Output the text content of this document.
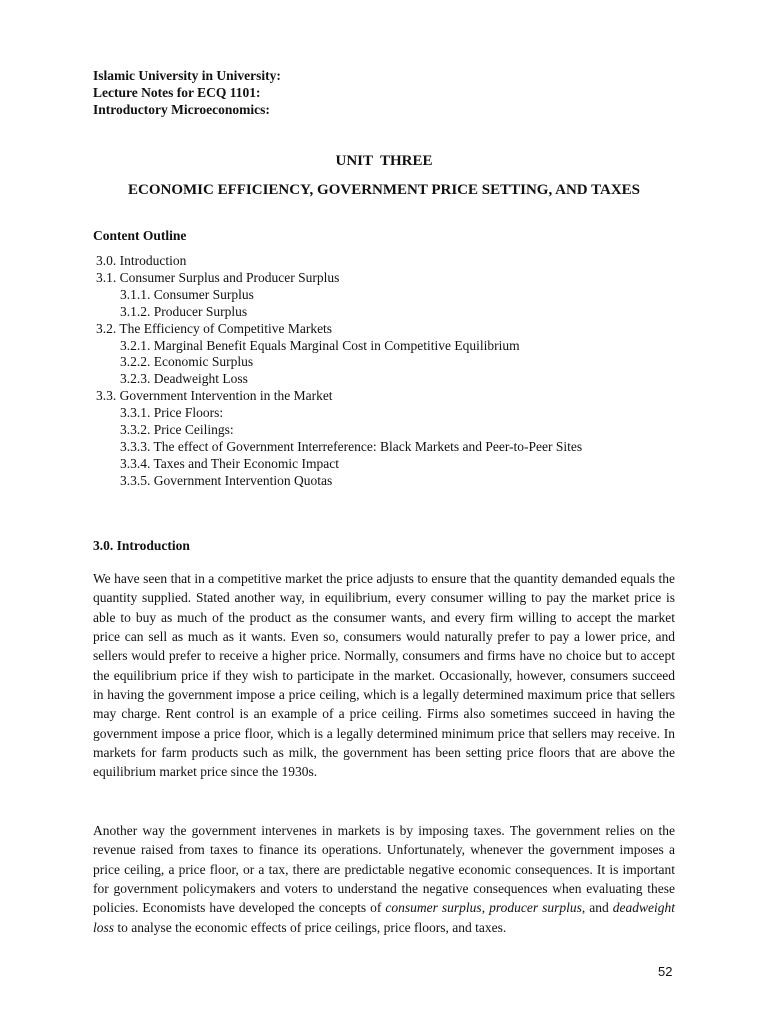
Islamic University in University:
Lecture Notes for ECQ 1101:
Introductory Microeconomics:
UNIT  THREE
ECONOMIC EFFICIENCY, GOVERNMENT PRICE SETTING, AND TAXES
Content Outline
3.0. Introduction
3.1. Consumer Surplus and Producer Surplus
3.1.1. Consumer Surplus
3.1.2. Producer Surplus
3.2. The Efficiency of Competitive Markets
3.2.1. Marginal Benefit Equals Marginal Cost in Competitive Equilibrium
3.2.2. Economic Surplus
3.2.3. Deadweight Loss
3.3. Government Intervention in the Market
3.3.1. Price Floors:
3.3.2. Price Ceilings:
3.3.3. The effect of Government Interreference: Black Markets and Peer-to-Peer Sites
3.3.4. Taxes and Their Economic Impact
3.3.5. Government Intervention Quotas
3.0. Introduction

We have seen that in a competitive market the price adjusts to ensure that the quantity demanded equals the quantity supplied. Stated another way, in equilibrium, every consumer willing to pay the market price is able to buy as much of the product as the consumer wants, and every firm willing to accept the market price can sell as much as it wants. Even so, consumers would naturally prefer to pay a lower price, and sellers would prefer to receive a higher price. Normally, consumers and firms have no choice but to accept the equilibrium price if they wish to participate in the market. Occasionally, however, consumers succeed in having the government impose a price ceiling, which is a legally determined maximum price that sellers may charge. Rent control is an example of a price ceiling. Firms also sometimes succeed in having the government impose a price floor, which is a legally determined minimum price that sellers may receive. In markets for farm products such as milk, the government has been setting price floors that are above the equilibrium market price since the 1930s.

Another way the government intervenes in markets is by imposing taxes. The government relies on the revenue raised from taxes to finance its operations. Unfortunately, whenever the government imposes a price ceiling, a price floor, or a tax, there are predictable negative economic consequences. It is important for government policymakers and voters to understand the negative consequences when evaluating these policies. Economists have developed the concepts of consumer surplus, producer surplus, and deadweight loss to analyse the economic effects of price ceilings, price floors, and taxes.

52
